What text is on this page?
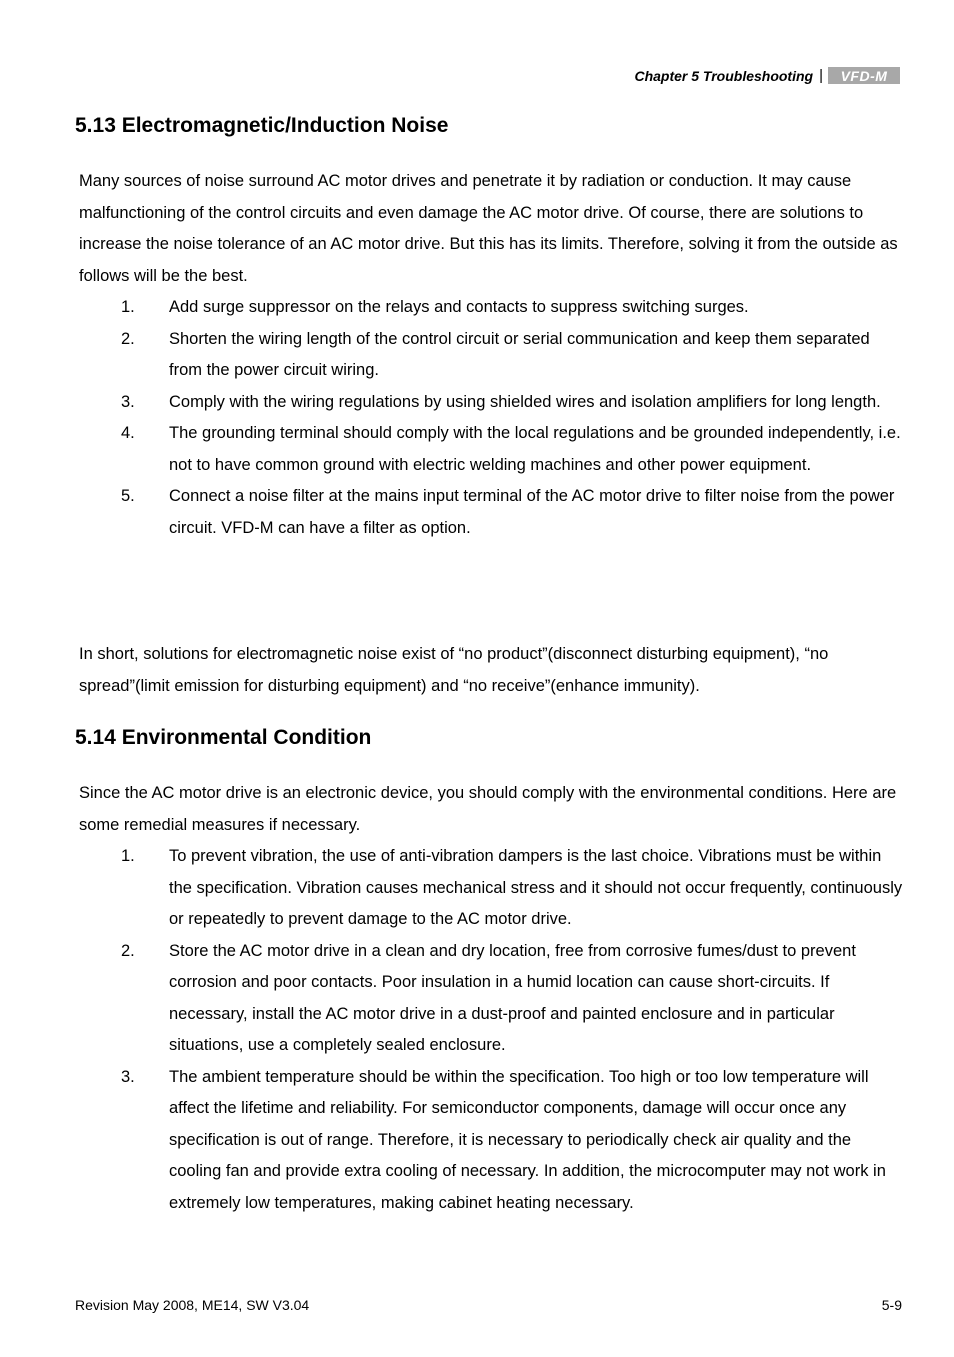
Chapter 5 Troubleshooting |	VFD-M
5.13 Electromagnetic/Induction Noise

Many sources of noise surround AC motor drives and penetrate it by radiation or conduction. It may cause malfunctioning of the control circuits and even damage the AC motor drive. Of course, there are solutions to increase the noise tolerance of an AC motor drive. But this has its limits. Therefore, solving it from the outside as follows will be the best.

1.	Add surge suppressor on the relays and contacts to suppress switching surges.
2.	Shorten the wiring length of the control circuit or serial communication and keep them separated from the power circuit wiring.
3.	Comply with the wiring regulations by using shielded wires and isolation amplifiers for long length.
4.	The grounding terminal should comply with the local regulations and be grounded independently, i.e. not to have common ground with electric welding machines and other power equipment.
5.	Connect a noise filter at the mains input terminal of the AC motor drive to filter noise from the power circuit. VFD-M can have a filter as option.

In short, solutions for electromagnetic noise exist of “no product”(disconnect disturbing equipment), “no spread”(limit emission for disturbing equipment) and “no receive”(enhance immunity).

5.14 Environmental Condition

Since the AC motor drive is an electronic device, you should comply with the environmental conditions. Here are some remedial measures if necessary.

1.	To prevent vibration, the use of anti-vibration dampers is the last choice. Vibrations must be within the specification. Vibration causes mechanical stress and it should not occur frequently, continuously or repeatedly to prevent damage to the AC motor drive.
2.	Store the AC motor drive in a clean and dry location, free from corrosive fumes/dust to prevent corrosion and poor contacts. Poor insulation in a humid location can cause short-circuits. If necessary, install the AC motor drive in a dust-proof and painted enclosure and in particular situations, use a completely sealed enclosure.
3.	The ambient temperature should be within the specification. Too high or too low temperature will affect the lifetime and reliability. For semiconductor components, damage will occur once any specification is out of range. Therefore, it is necessary to periodically check air quality and the cooling fan and provide extra cooling of necessary. In addition, the microcomputer may not work in extremely low temperatures, making cabinet heating necessary.
Revision May 2008, ME14, SW V3.04	5-9
